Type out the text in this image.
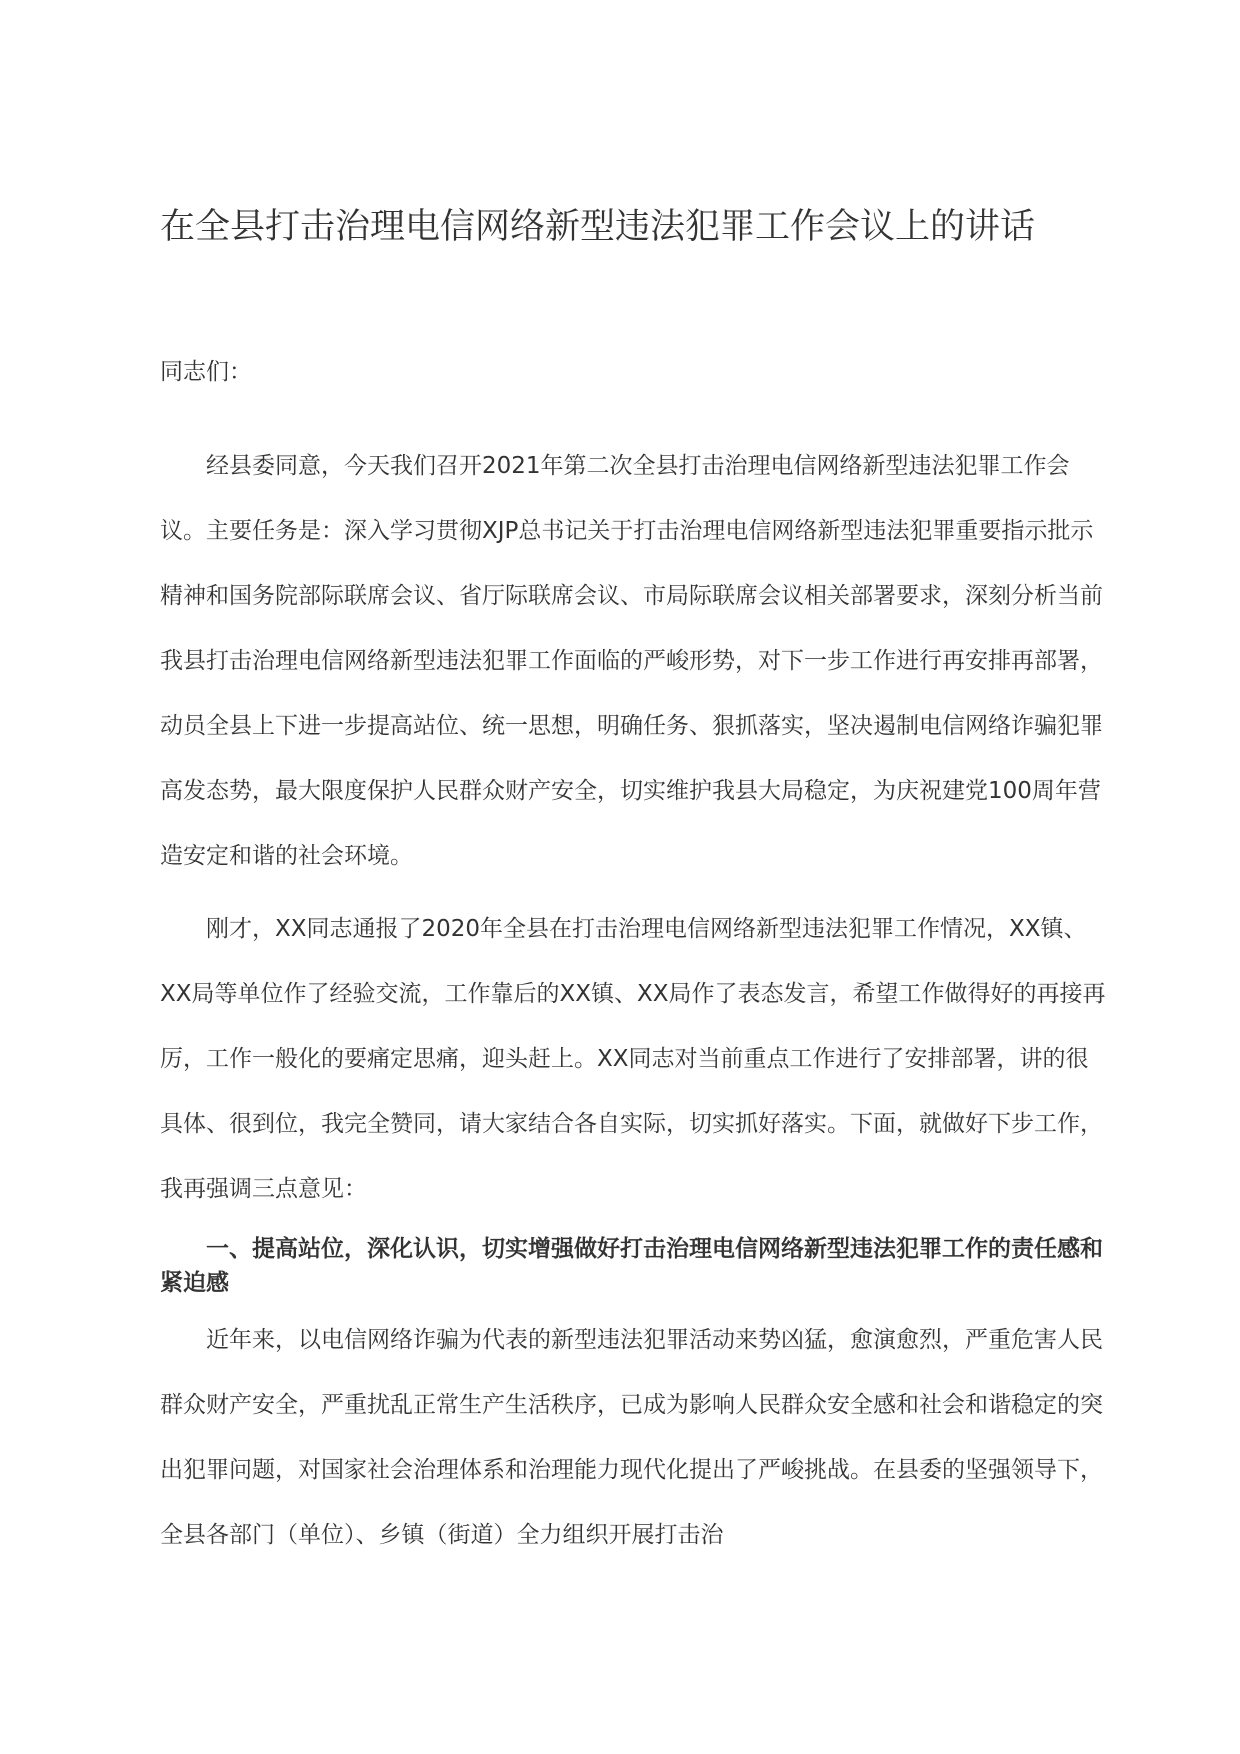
在全县打击治理电信网络新型违法犯罪工作会议上的讲话

同志们：

经县委同意，今天我们召开2021年第二次全县打击治理电信网络新型违法犯罪工作会议。主要任务是：深入学习贯彻XJP总书记关于打击治理电信网络新型违法犯罪重要指示批示精神和国务院部际联席会议、省厅际联席会议、市局际联席会议相关部署要求，深刻分析当前我县打击治理电信网络新型违法犯罪工作面临的严峻形势，对下一步工作进行再安排再部署，动员全县上下进一步提高站位、统一思想，明确任务、狠抓落实，坚决遏制电信网络诈骗犯罪高发态势，最大限度保护人民群众财产安全，切实维护我县大局稳定，为庆祝建党100周年营造安定和谐的社会环境。

刚才，XX同志通报了2020年全县在打击治理电信网络新型违法犯罪工作情况，XX镇、XX局等单位作了经验交流，工作靠后的XX镇、XX局作了表态发言，希望工作做得好的再接再厉，工作一般化的要痛定思痛，迎头赶上。XX同志对当前重点工作进行了安排部署，讲的很具体、很到位，我完全赞同，请大家结合各自实际，切实抓好落实。下面，就做好下步工作，我再强调三点意见：

一、提高站位，深化认识，切实增强做好打击治理电信网络新型违法犯罪工作的责任感和紧迫感

近年来，以电信网络诈骗为代表的新型违法犯罪活动来势凶猛，愈演愈烈，严重危害人民群众财产安全，严重扰乱正常生产生活秩序，已成为影响人民群众安全感和社会和谐稳定的突出犯罪问题，对国家社会治理体系和治理能力现代化提出了严峻挑战。在县委的坚强领导下，全县各部门（单位）、乡镇（街道）全力组织开展打击治
